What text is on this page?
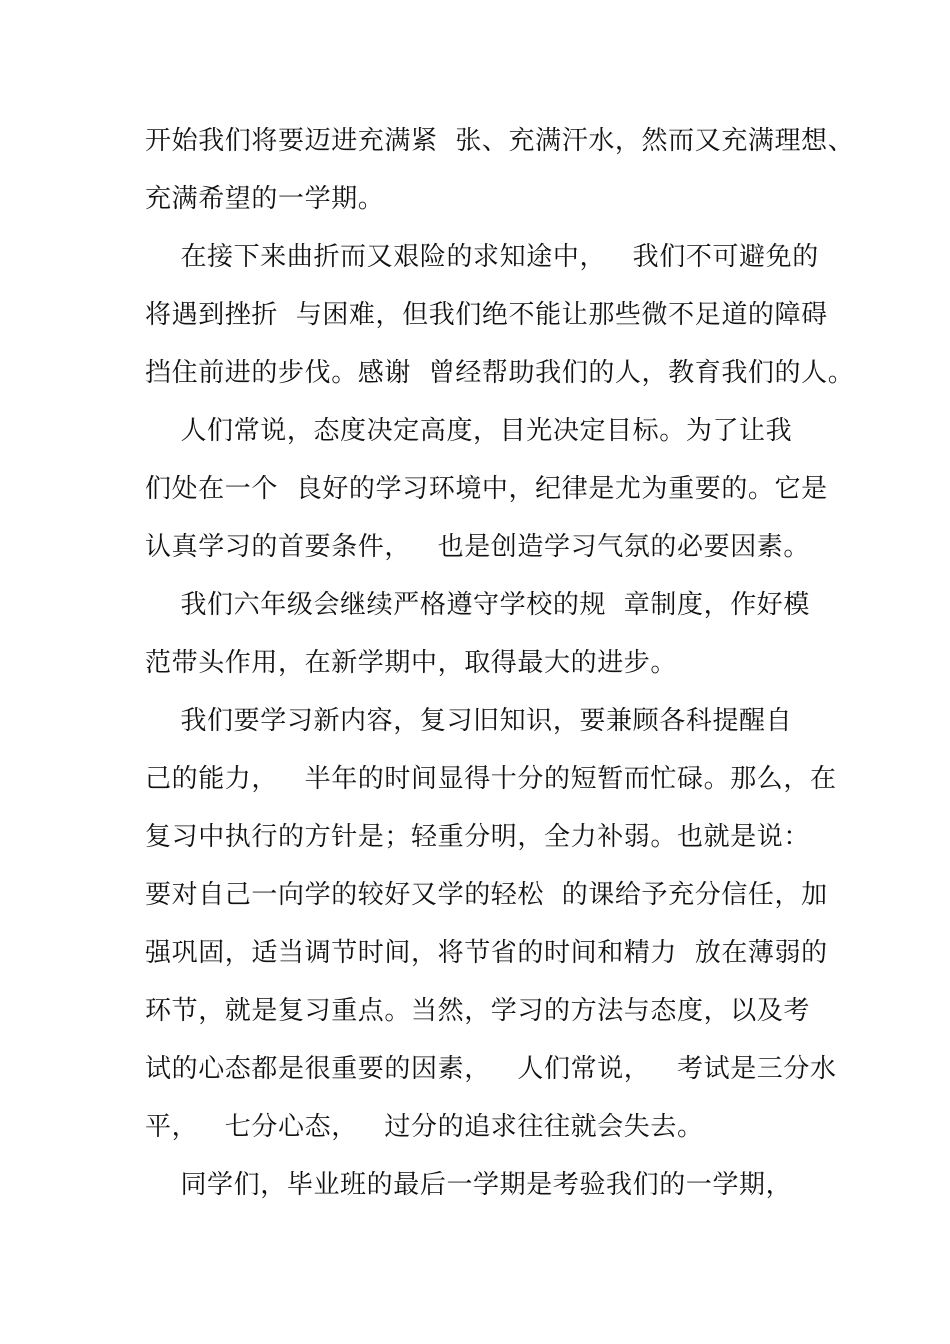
开始我们将要迈进充满紧  张、充满汗水，然而又充满理想、
充满希望的一学期。
在接下来曲折而又艰险的求知途中，   我们不可避免的
将遇到挫折  与困难，但我们绝不能让那些微不足道的障碍
挡住前进的步伐。感谢  曾经帮助我们的人，教育我们的人。
人们常说，态度决定高度，目光决定目标。为了让我
们处在一个  良好的学习环境中，纪律是尤为重要的。它是
认真学习的首要条件，   也是创造学习气氛的必要因素。
我们六年级会继续严格遵守学校的规  章制度，作好模
范带头作用，在新学期中，取得最大的进步。
我们要学习新内容，复习旧知识，要兼顾各科提醒自
己的能力，   半年的时间显得十分的短暂而忙碌。那么，在
复习中执行的方针是；轻重分明，全力补弱。也就是说：
要对自己一向学的较好又学的轻松  的课给予充分信任，加
强巩固，适当调节时间，将节省的时间和精力  放在薄弱的
环节，就是复习重点。当然，学习的方法与态度，以及考
试的心态都是很重要的因素，   人们常说，   考试是三分水
平，   七分心态，   过分的追求往往就会失去。
同学们，毕业班的最后一学期是考验我们的一学期，
